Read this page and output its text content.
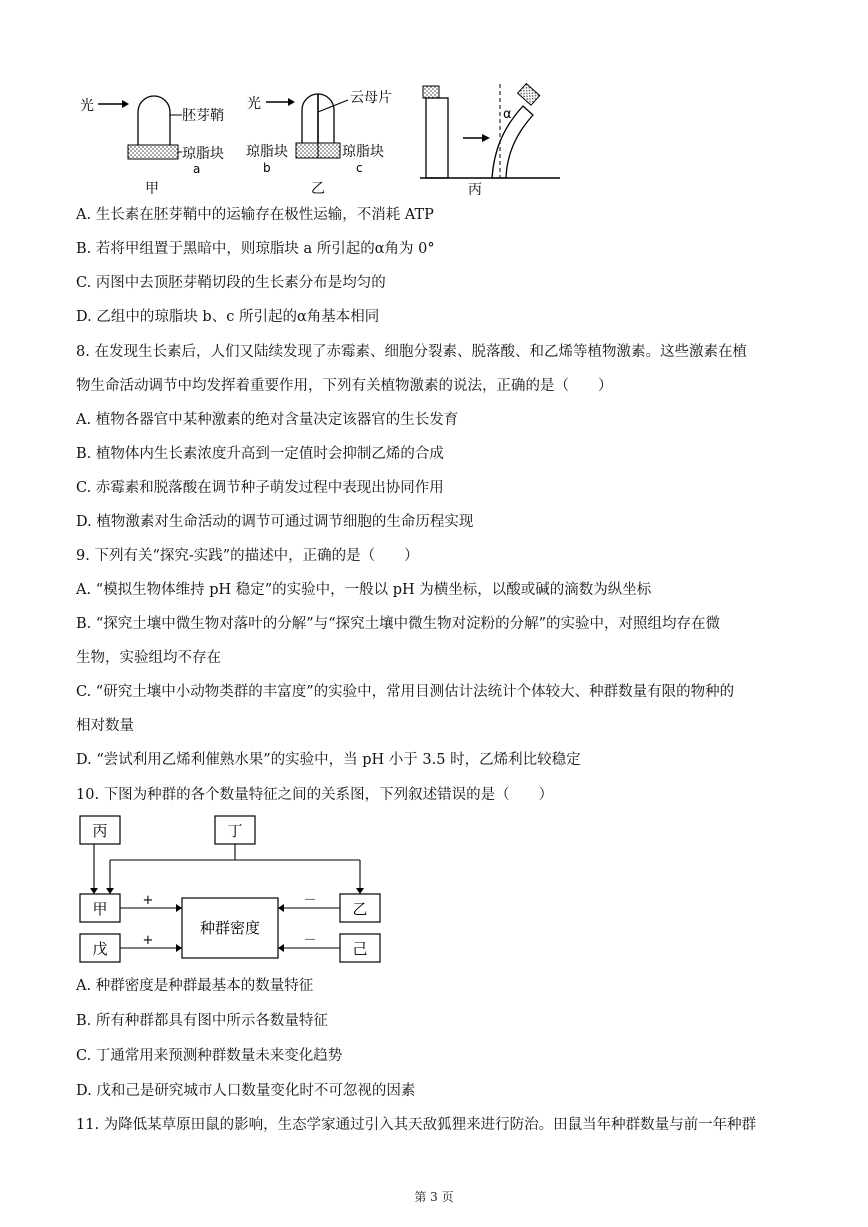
光
胚芽鞘
琼脂块
a
甲
光	云母片
琼脂块	琼脂块
b	c
乙
α
丙
A. 生长素在胚芽鞘中的运输存在极性运输，不消耗 ATP
B. 若将甲组置于黑暗中，则琼脂块 a 所引起的α角为 0°
C. 丙图中去顶胚芽鞘切段的生长素分布是均匀的
D. 乙组中的琼脂块 b、c 所引起的α角基本相同
8. 在发现生长素后，人们又陆续发现了赤霉素、细胞分裂素、脱落酸、和乙烯等植物激素。这些激素在植
物生命活动调节中均发挥着重要作用，下列有关植物激素的说法，正确的是（　　）
A. 植物各器官中某种激素的绝对含量决定该器官的生长发育
B. 植物体内生长素浓度升高到一定值时会抑制乙烯的合成
C. 赤霉素和脱落酸在调节种子萌发过程中表现出协同作用
D. 植物激素对生命活动的调节可通过调节细胞的生命历程实现
9. 下列有关“探究-实践”的描述中，正确的是（　　）
A. “模拟生物体维持 pH 稳定”的实验中，一般以 pH 为横坐标，以酸或碱的滴数为纵坐标
B. “探究土壤中微生物对落叶的分解”与“探究土壤中微生物对淀粉的分解”的实验中，对照组均存在微
生物，实验组均不存在
C. “研究土壤中小动物类群的丰富度”的实验中，常用目测估计法统计个体较大、种群数量有限的物种的
相对数量
D. “尝试利用乙烯利催熟水果”的实验中，当 pH 小于 3.5 时，乙烯利比较稳定
10. 下图为种群的各个数量特征之间的关系图，下列叙述错误的是（　　）
丙	丁
甲
戊
种群密度
乙
己
+
+
－
－
A. 种群密度是种群最基本的数量特征
B. 所有种群都具有图中所示各数量特征
C. 丁通常用来预测种群数量未来变化趋势
D. 戊和己是研究城市人口数量变化时不可忽视的因素
11. 为降低某草原田鼠的影响，生态学家通过引入其天敌狐狸来进行防治。田鼠当年种群数量与前一年种群
第 3 页
